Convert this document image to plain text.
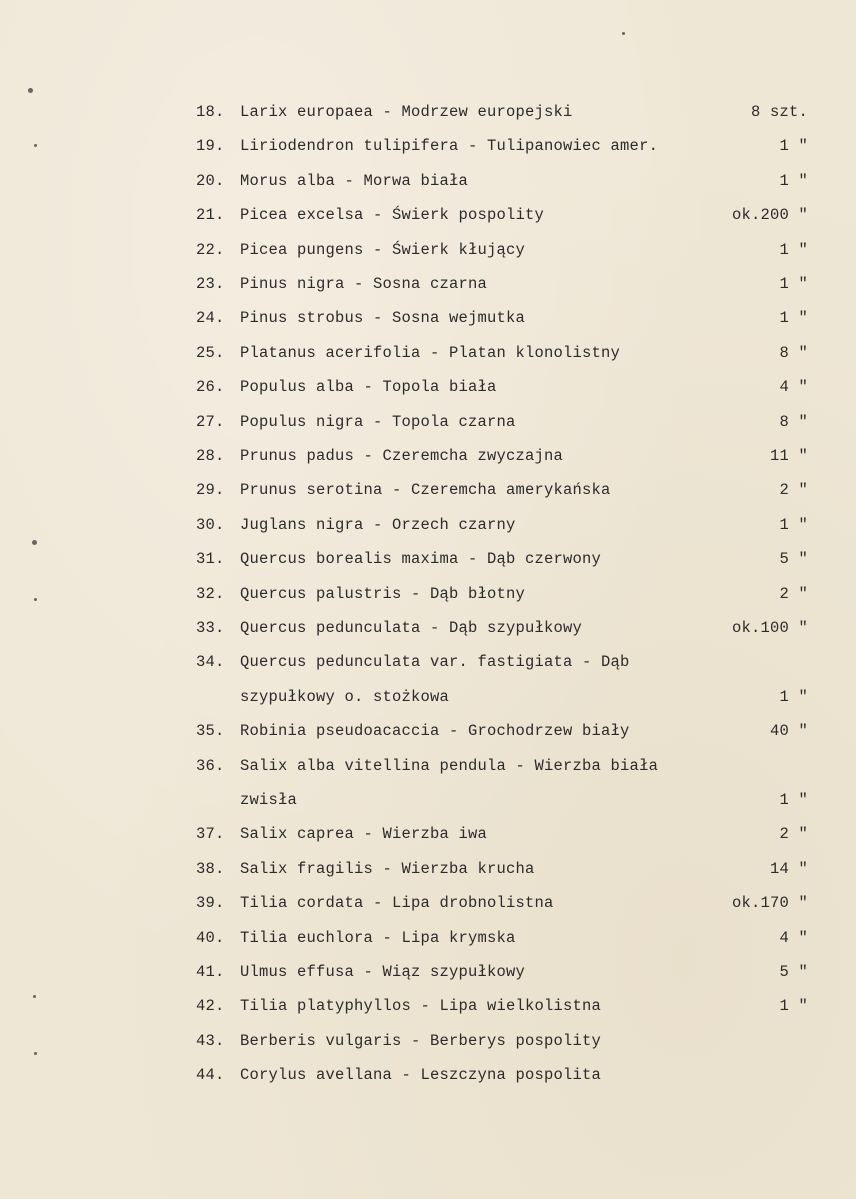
18. Larix europaea - Modrzew europejski	8 szt.
19. Liriodendron tulipifera - Tulipanowiec amer.	1 "
20. Morus alba - Morwa biała	1 "
21. Picea excelsa - Świerk pospolity	ok.200 "
22. Picea pungens - Świerk kłujący	1 "
23. Pinus nigra - Sosna czarna	1 "
24. Pinus strobus - Sosna wejmutka	1 "
25. Platanus acerifolia - Platan klonolistny	8 "
26. Populus alba - Topola biała	4 "
27. Populus nigra - Topola czarna	8 "
28. Prunus padus - Czeremcha zwyczajna	11 "
29. Prunus serotina - Czeremcha amerykańska	2 "
30. Juglans nigra - Orzech czarny	1 "
31. Quercus borealis maxima - Dąb czerwony	5 "
32. Quercus palustris - Dąb błotny	2 "
33. Quercus pedunculata - Dąb szypułkowy	ok.100 "
34. Quercus pedunculata var. fastigiata - Dąb
szypułkowy o. stożkowa	1 "
35. Robinia pseudoacaccia - Grochodrzew biały	40 "
36. Salix alba vitellina pendula - Wierzba biała
zwisła	1 "
37. Salix caprea - Wierzba iwa	2 "
38. Salix fragilis - Wierzba krucha	14 "
39. Tilia cordata - Lipa drobnolistna	ok.170 "
40. Tilia euchlora - Lipa krymska	4 "
41. Ulmus effusa - Wiąz szypułkowy	5 "
42. Tilia platyphyllos - Lipa wielkolistna	1 "
43. Berberis vulgaris - Berberys pospolity
44. Corylus avellana - Leszczyna pospolita
